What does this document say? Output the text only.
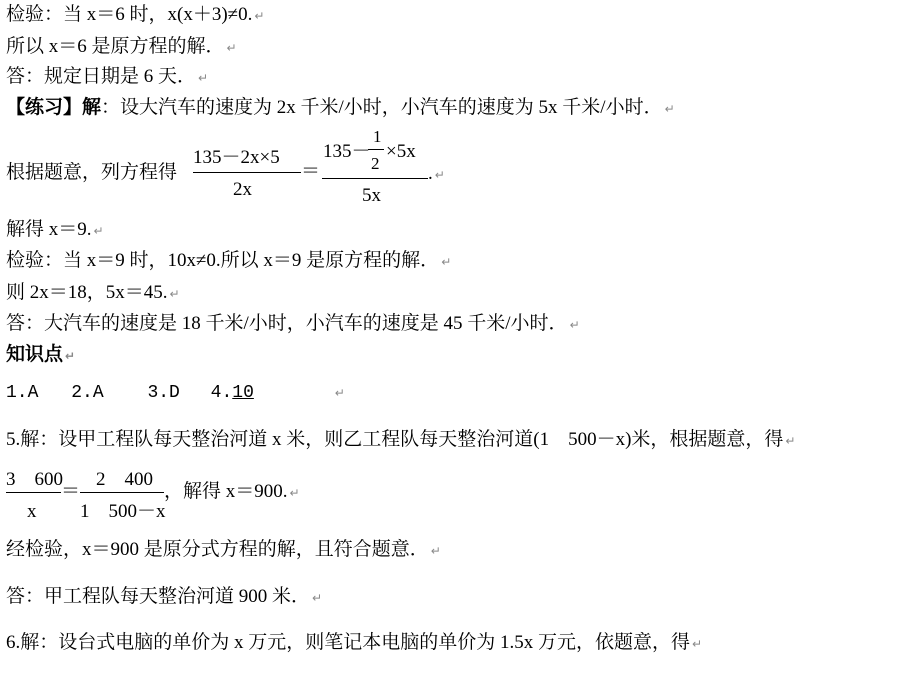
检验：当 x＝6 时，x(x＋3)≠0. ↵
所以 x＝6 是原方程的解． ↵
答：规定日期是 6 天． ↵
【练习】解：设大汽车的速度为 2x 千米/小时，小汽车的速度为 5x 千米/小时． ↵
根据题意，列方程得
135－2x×5
2x
＝
135－
1
2
×5x
5x
. ↵
解得 x＝9. ↵
检验：当 x＝9 时，10x≠0.所以 x＝9 是原方程的解． ↵
则 2x＝18，5x＝45. ↵
答：大汽车的速度是 18 千米/小时，小汽车的速度是 45 千米/小时． ↵
知识点 ↵
1.A 2.A 3.D 4.10	↵
5.解：设甲工程队每天整治河道 x 米，则乙工程队每天整治河道(1　500－x)米，根据题意，得 ↵
3　600
x
＝
2　400
1　500－x
，解得 x＝900. ↵
经检验，x＝900 是原分式方程的解，且符合题意． ↵
答：甲工程队每天整治河道 900 米． ↵
6.解：设台式电脑的单价为 x 万元，则笔记本电脑的单价为 1.5x 万元，依题意，得 ↵
